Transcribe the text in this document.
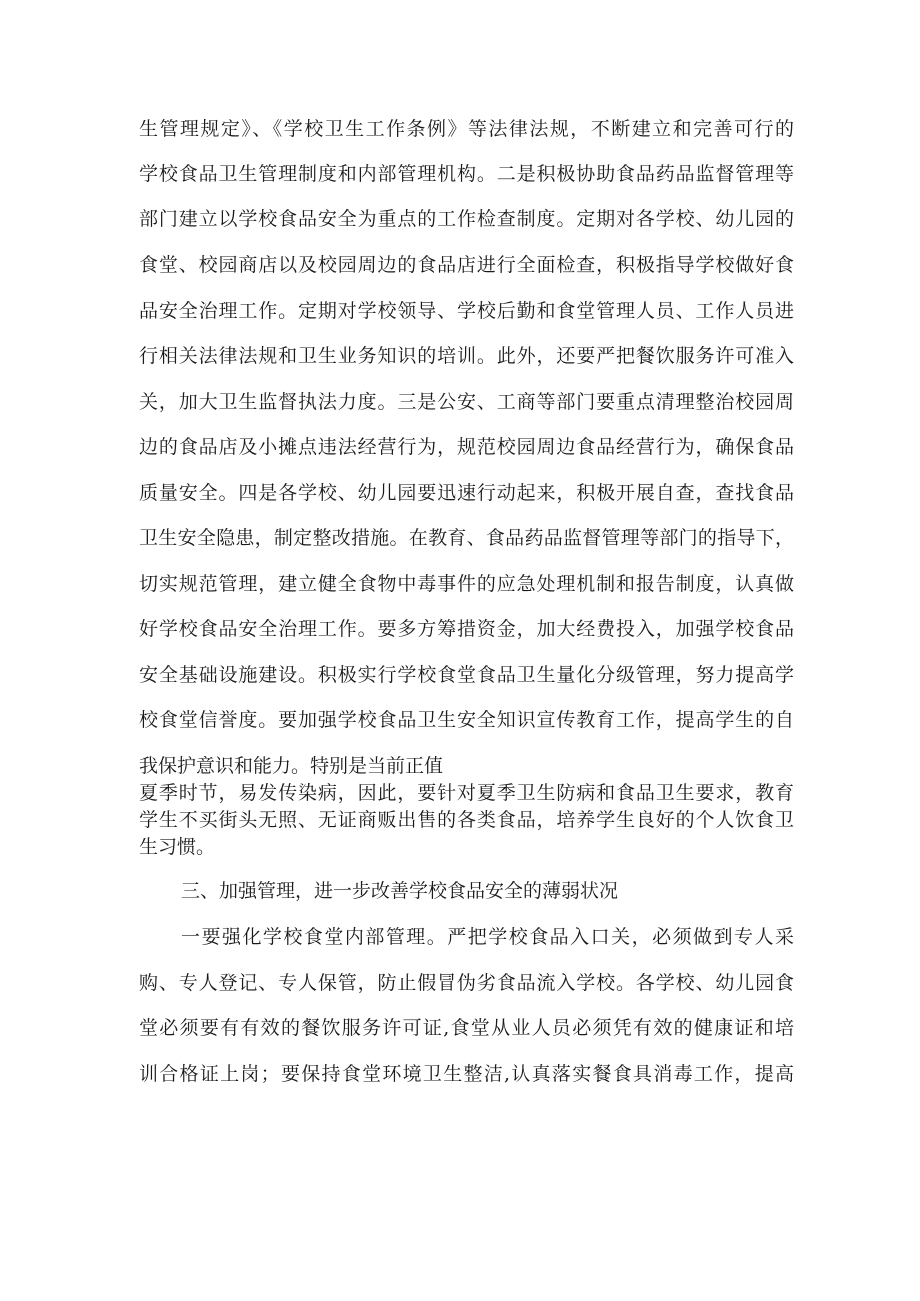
生管理规定》、《学校卫生工作条例》等法律法规，不断建立和完善可行的
学校食品卫生管理制度和内部管理机构。二是积极协助食品药品监督管理等
部门建立以学校食品安全为重点的工作检查制度。定期对各学校、幼儿园的
食堂、校园商店以及校园周边的食品店进行全面检查，积极指导学校做好食
品安全治理工作。定期对学校领导、学校后勤和食堂管理人员、工作人员进
行相关法律法规和卫生业务知识的培训。此外，还要严把餐饮服务许可准入
关，加大卫生监督执法力度。三是公安、工商等部门要重点清理整治校园周
边的食品店及小摊点违法经营行为，规范校园周边食品经营行为，确保食品
质量安全。四是各学校、幼儿园要迅速行动起来，积极开展自查，查找食品
卫生安全隐患，制定整改措施。在教育、食品药品监督管理等部门的指导下，
切实规范管理，建立健全食物中毒事件的应急处理机制和报告制度，认真做
好学校食品安全治理工作。要多方筹措资金，加大经费投入，加强学校食品
安全基础设施建设。积极实行学校食堂食品卫生量化分级管理，努力提高学
校食堂信誉度。要加强学校食品卫生安全知识宣传教育工作，提高学生的自
我保护意识和能力。特别是当前正值
夏季时节，易发传染病，因此，要针对夏季卫生防病和食品卫生要求，教育
学生不买街头无照、无证商贩出售的各类食品，培养学生良好的个人饮食卫
生习惯。
三、加强管理，进一步改善学校食品安全的薄弱状况
一要强化学校食堂内部管理。严把学校食品入口关，必须做到专人采
购、专人登记、专人保管，防止假冒伪劣食品流入学校。各学校、幼儿园食
堂必须要有有效的餐饮服务许可证,食堂从业人员必须凭有效的健康证和培
训合格证上岗；要保持食堂环境卫生整洁,认真落实餐食具消毒工作，提高
